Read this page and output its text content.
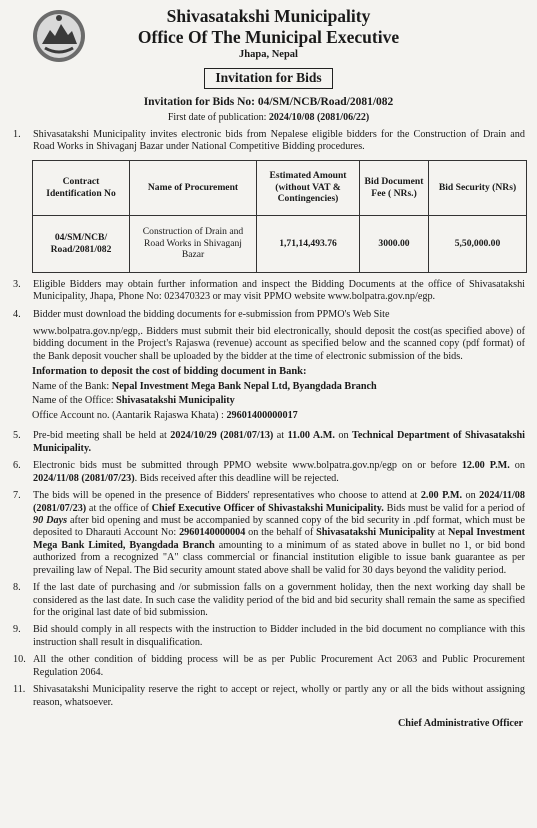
Shivasatakshi Municipality
Office Of The Municipal Executive
Jhapa, Nepal
Invitation for Bids
Invitation for Bids No: 04/SM/NCB/Road/2081/082
First date of publication: 2024/10/08 (2081/06/22)
1.	Shivasatakshi Municipality invites electronic bids from Nepalese eligible bidders for the Construction of Drain and Road Works in Shivaganj Bazar under National Competitive Bidding procedures.
Contract Identification No	Name of Procurement	Estimated Amount (without VAT & Contingencies)	Bid Document Fee ( NRs.)	Bid Security (NRs)
04/SM/NCB/ Road/2081/082	Construction of Drain and Road Works in Shivaganj Bazar	1,71,14,493.76	3000.00	5,50,000.00
3.	Eligible Bidders may obtain further information and inspect the Bidding Documents at the office of Shivasatakshi Municipality, Jhapa, Phone No: 023470323 or may visit PPMO website www.bolpatra.gov.np/egp.
4.	Bidder must download the bidding documents for e-submission from PPMO's Web Site
www.bolpatra.gov.np/egp,. Bidders must submit their bid electronically, should deposit the cost(as specified above) of bidding document in the Project's Rajaswa (revenue) account as specified below and the scanned copy (pdf format) of the Bank deposit voucher shall be uploaded by the bidder at the time of electronic submission of the bids.
Information to deposit the cost of bidding document in Bank:
Name of the Bank: Nepal Investment Mega Bank Nepal Ltd, Byangdada Branch
Name of the Office: Shivasatakshi Municipality
Office Account no. (Aantarik Rajaswa Khata) : 29601400000017
5.	Pre-bid meeting shall be held at 2024/10/29 (2081/07/13) at 11.00 A.M. on Technical Department of Shivasatakshi Municipality.
6.	Electronic bids must be submitted through PPMO website www.bolpatra.gov.np/egp on or before 12.00 P.M. on 2024/11/08 (2081/07/23). Bids received after this deadline will be rejected.
7.	The bids will be opened in the presence of Bidders' representatives who choose to attend at 2.00 P.M. on 2024/11/08 (2081/07/23) at the office of Chief Executive Officer of Shivastakshi Municipality. Bids must be valid for a period of 90 Days after bid opening and must be accompanied by scanned copy of the bid security in .pdf format, which must be deposited to Dharauti Account No: 2960140000004 on the behalf of Shivasatakshi Municipality at Nepal Investment Mega Bank Limited, Byangdada Branch amounting to a minimum of as stated above in bullet no 1, or bid bond authorized from a recognized "A" class commercial or financial institution eligible to issue bank guarantee as per prevailing law of Nepal. The Bid security amount stated above shall be valid for 30 days beyond the validity period.
8.	If the last date of purchasing and /or submission falls on a government holiday, then the next working day shall be considered as the last date. In such case the validity period of the bid and bid security shall remain the same as specified for the original last date of bid submission.
9.	Bid should comply in all respects with the instruction to Bidder included in the bid document no compliance with this instruction shall result in disqualification.
10. All the other condition of bidding process will be as per Public Procurement Act 2063 and Public Procurement Regulation 2064.
11. Shivasatakshi Municipality reserve the right to accept or reject, wholly or partly any or all the bids without assigning reason, whatsoever.
Chief Administrative Officer
